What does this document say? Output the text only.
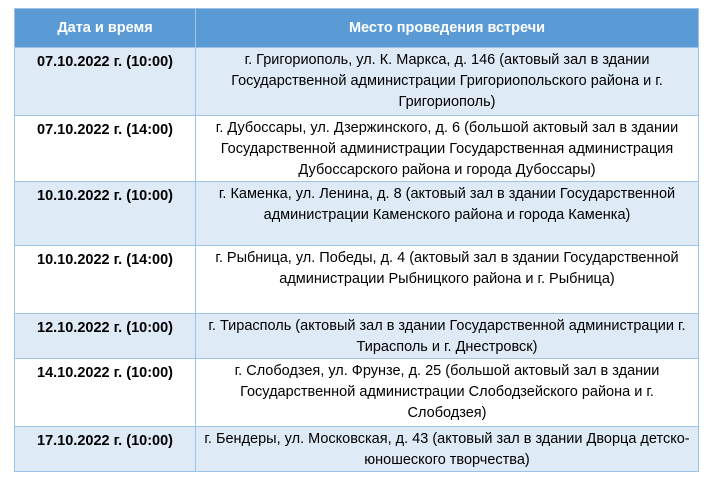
Дата и время	Место проведения встречи
07.10.2022 г. (10:00)	г. Григориополь, ул. К. Маркса, д. 146 (актовый зал в здании Государственной администрации Григориопольского района и г. Григориополь)
07.10.2022 г. (14:00)	г. Дубоссары, ул. Дзержинского, д. 6 (большой актовый зал в здании Государственной администрации Государственная администрация Дубоссарского района и города Дубоссары)
10.10.2022 г. (10:00)	г. Каменка, ул. Ленина, д. 8 (актовый зал в здании Государственной администрации Каменского района и города Каменка)
10.10.2022 г. (14:00)	г. Рыбница, ул. Победы, д. 4 (актовый зал в здании Государственной администрации Рыбницкого района и г. Рыбница)
12.10.2022 г. (10:00)	г. Тирасполь (актовый зал в здании Государственной администрации г. Тирасполь и г. Днестровск)
14.10.2022 г. (10:00)	г. Слободзея, ул. Фрунзе, д. 25 (большой актовый зал в здании Государственной администрации Слободзейского района и г. Слободзея)
17.10.2022 г. (10:00)	г. Бендеры, ул. Московская, д. 43 (актовый зал в здании Дворца детско-юношеского творчества)
